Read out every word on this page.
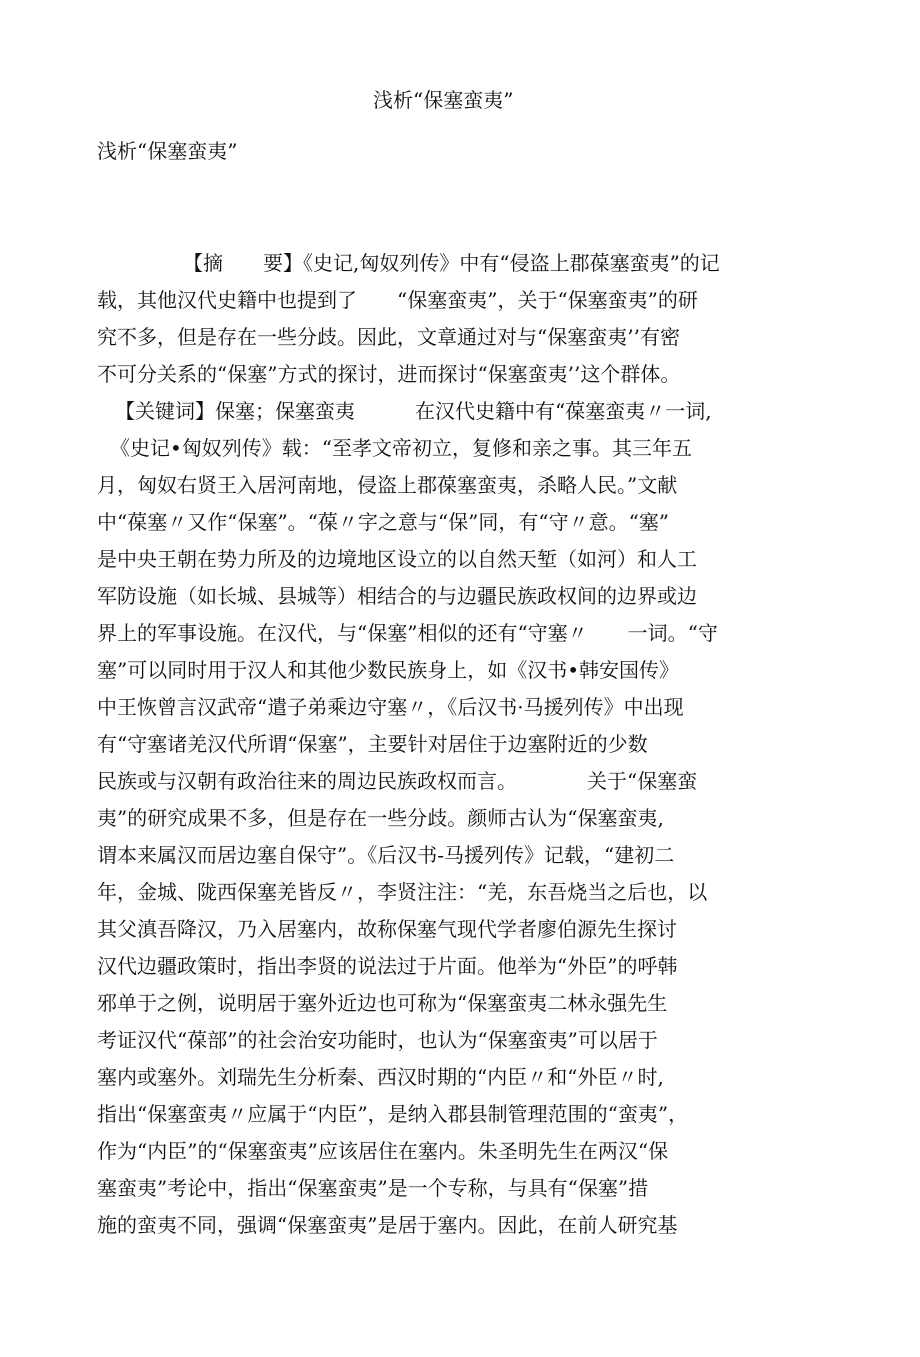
浅析“保塞蛮夷”
浅析“保塞蛮夷”
【摘　　要】《史记,匈奴列传》中有“侵盗上郡葆塞蛮夷”的记
载，其他汉代史籍中也提到了　　“保塞蛮夷”，关于“保塞蛮夷”的研
究不多，但是存在一些分歧。因此，文章通过对与“保塞蛮夷’’有密
不可分关系的“保塞”方式的探讨，进而探讨“保塞蛮夷’’这个群体。
【关键词】保塞；保塞蛮夷　　　在汉代史籍中有“葆塞蛮夷〃一词,
《史记•匈奴列传》载：“至孝文帝初立，复修和亲之事。其三年五
月，匈奴右贤王入居河南地，侵盗上郡葆塞蛮夷，杀略人民。”文献
中“葆塞〃又作“保塞”。“葆〃字之意与“保”同，有“守〃意。“塞”
是中央王朝在势力所及的边境地区设立的以自然天堑（如河）和人工
军防设施（如长城、县城等）相结合的与边疆民族政权间的边界或边
界上的军事设施。在汉代，与“保塞”相似的还有“守塞〃　　一词。“守
塞”可以同时用于汉人和其他少数民族身上，如《汉书•韩安国传》
中王恢曾言汉武帝“遣子弟乘边守塞〃，《后汉书·马援列传》中出现
有“守塞诸羌汉代所谓“保塞”，主要针对居住于边塞附近的少数
民族或与汉朝有政治往来的周边民族政权而言。　　　　关于“保塞蛮
夷”的研究成果不多，但是存在一些分歧。颜师古认为“保塞蛮夷,
谓本来属汉而居边塞自保守”。《后汉书-马援列传》记载，“建初二
年，金城、陇西保塞羌皆反〃，李贤注注：“羌，东吾烧当之后也，以
其父滇吾降汉，乃入居塞内，故称保塞气现代学者廖伯源先生探讨
汉代边疆政策时，指出李贤的说法过于片面。他举为“外臣”的呼韩
邪单于之例，说明居于塞外近边也可称为“保塞蛮夷二林永强先生
考证汉代“葆部”的社会治安功能时，也认为“保塞蛮夷”可以居于
塞内或塞外。刘瑞先生分析秦、西汉时期的“内臣〃和“外臣〃时,
指出“保塞蛮夷〃应属于“内臣”，是纳入郡县制管理范围的“蛮夷”，
作为“内臣”的“保塞蛮夷”应该居住在塞内。朱圣明先生在两汉“保
塞蛮夷”考论中，指出“保塞蛮夷”是一个专称，与具有“保塞”措
施的蛮夷不同，强调“保塞蛮夷”是居于塞内。因此，在前人研究基
